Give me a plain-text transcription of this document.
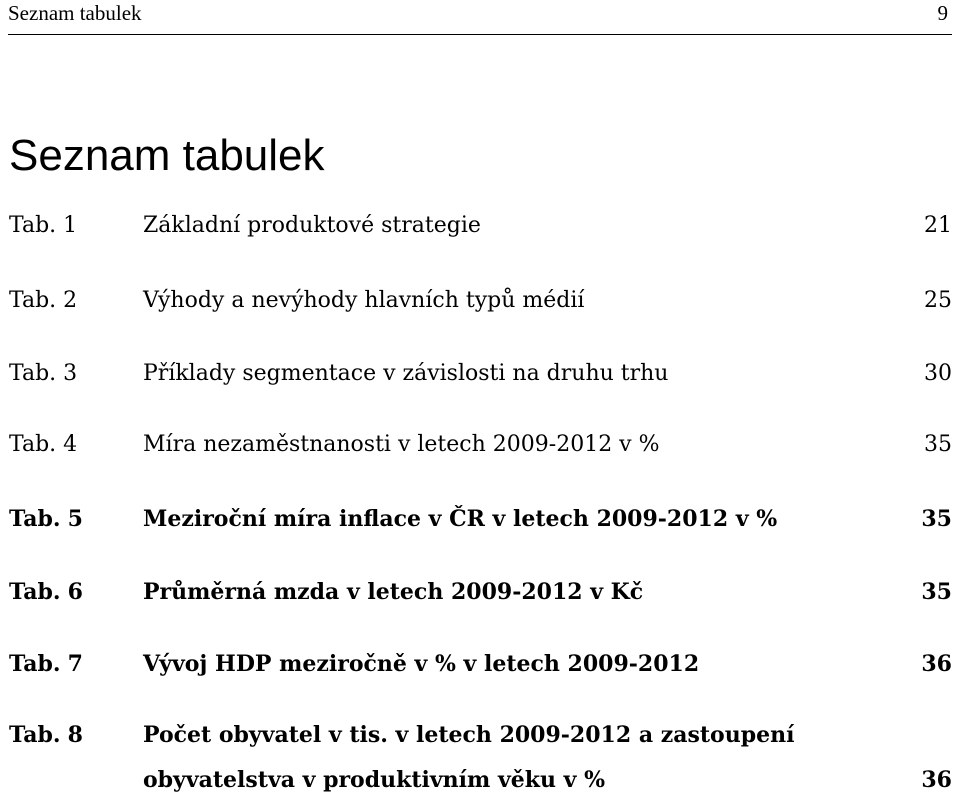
Seznam tabulek	9
Seznam tabulek
Tab. 1	Základní produktové strategie	21
Tab. 2	Výhody a nevýhody hlavních typů médií	25
Tab. 3	Příklady segmentace v závislosti na druhu trhu	30
Tab. 4	Míra nezaměstnanosti v letech 2009-2012 v %	35
Tab. 5	Meziroční míra inflace v ČR v letech 2009-2012 v %	35
Tab. 6	Průměrná mzda v letech 2009-2012 v Kč	35
Tab. 7	Vývoj HDP meziročně v % v letech 2009-2012	36
Tab. 8	Počet obyvatel v tis. v letech 2009-2012 a zastoupení
obyvatelstva v produktivním věku v %	36
